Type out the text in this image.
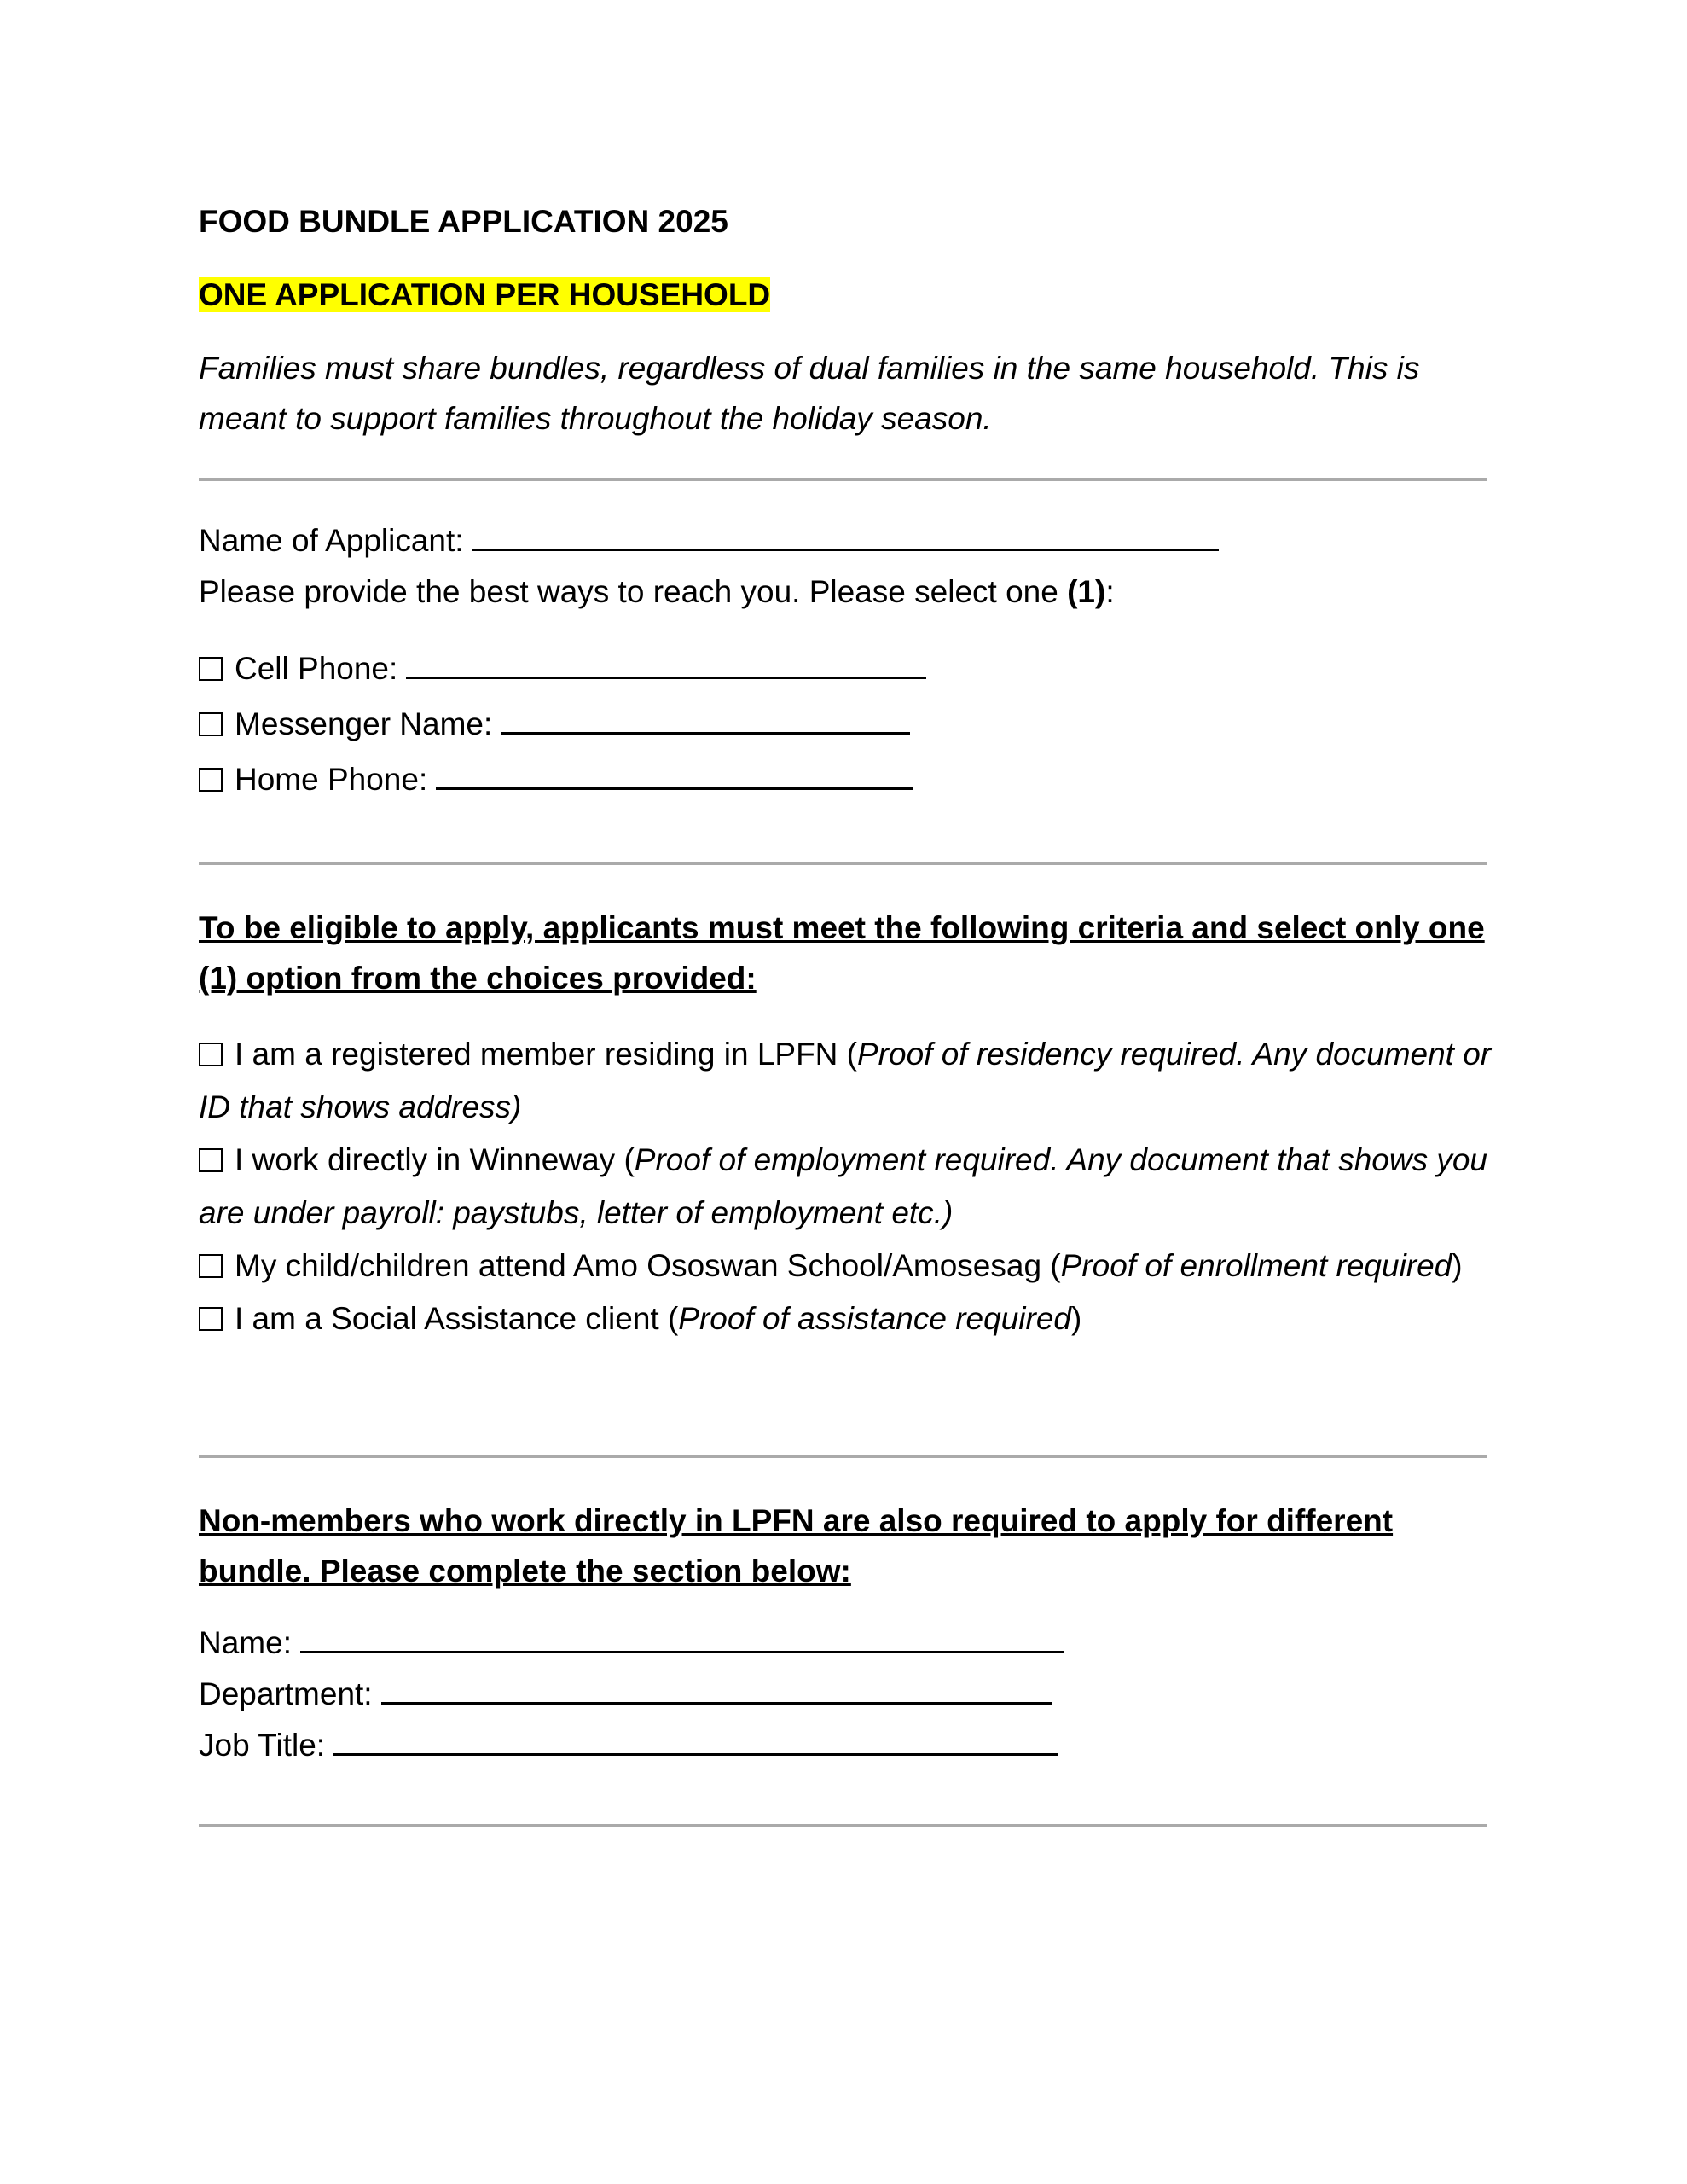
FOOD BUNDLE APPLICATION 2025
ONE APPLICATION PER HOUSEHOLD

Families must share bundles, regardless of dual families in the same household. This is meant to support families throughout the holiday season.

Name of Applicant:
Please provide the best ways to reach you. Please select one (1):
Cell Phone:
Messenger Name:
Home Phone:

To be eligible to apply, applicants must meet the following criteria and select only one (1) option from the choices provided:

I am a registered member residing in LPFN (Proof of residency required. Any document or ID that shows address)

I work directly in Winneway (Proof of employment required. Any document that shows you are under payroll: paystubs, letter of employment etc.)

My child/children attend Amo Ososwan School/Amosesag (Proof of enrollment required)

I am a Social Assistance client (Proof of assistance required)

Non-members who work directly in LPFN are also required to apply for different bundle. Please complete the section below:

Name:
Department:
Job Title:
